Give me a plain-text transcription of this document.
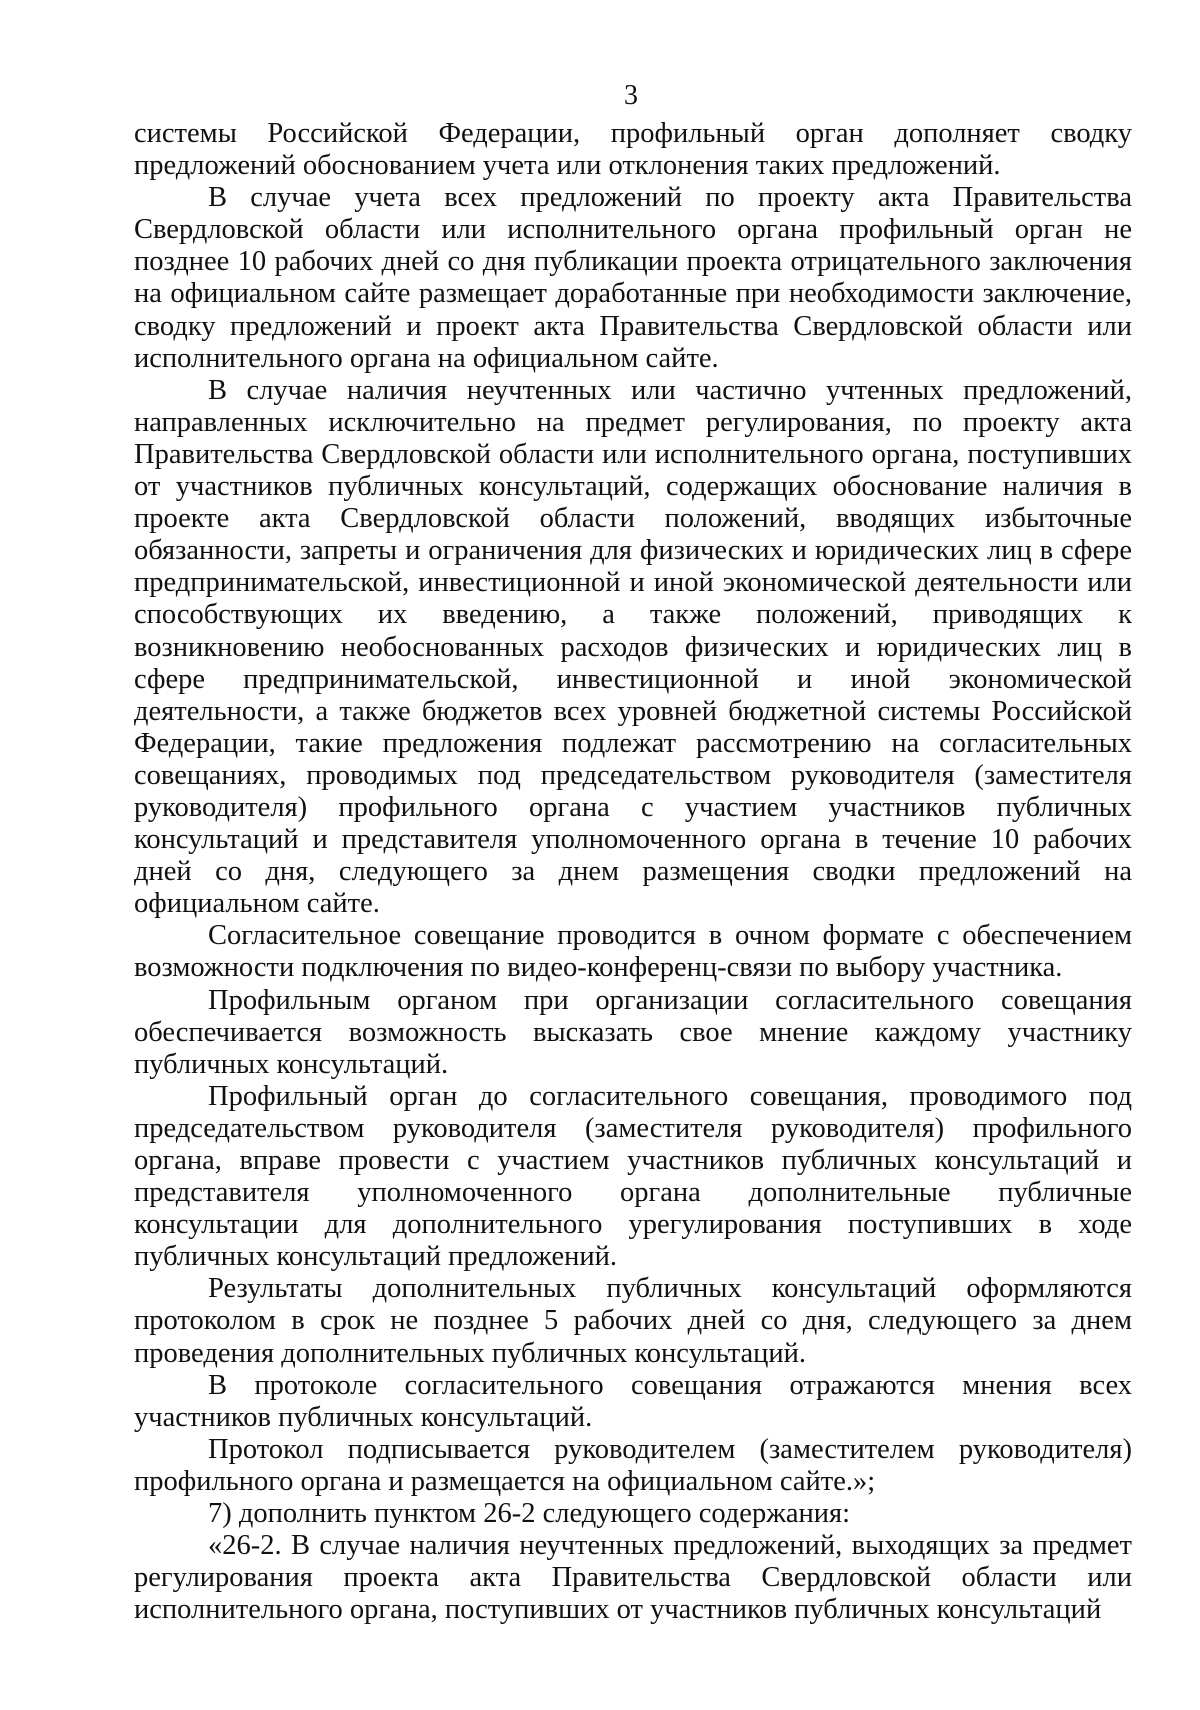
3

системы Российской Федерации, профильный орган дополняет сводку предложений обоснованием учета или отклонения таких предложений.

В случае учета всех предложений по проекту акта Правительства Свердловской области или исполнительного органа профильный орган не позднее 10 рабочих дней со дня публикации проекта отрицательного заключения на официальном сайте размещает доработанные при необходимости заключение, сводку предложений и проект акта Правительства Свердловской области или исполнительного органа на официальном сайте.

В случае наличия неучтенных или частично учтенных предложений, направленных исключительно на предмет регулирования, по проекту акта Правительства Свердловской области или исполнительного органа, поступивших от участников публичных консультаций, содержащих обоснование наличия в проекте акта Свердловской области положений, вводящих избыточные обязанности, запреты и ограничения для физических и юридических лиц в сфере предпринимательской, инвестиционной и иной экономической деятельности или способствующих их введению, а также положений, приводящих к возникновению необоснованных расходов физических и юридических лиц в сфере предпринимательской, инвестиционной и иной экономической деятельности, а также бюджетов всех уровней бюджетной системы Российской Федерации, такие предложения подлежат рассмотрению на согласительных совещаниях, проводимых под председательством руководителя (заместителя руководителя) профильного органа с участием участников публичных консультаций и представителя уполномоченного органа в течение 10 рабочих дней со дня, следующего за днем размещения сводки предложений на официальном сайте.

Согласительное совещание проводится в очном формате с обеспечением возможности подключения по видео-конференц-связи по выбору участника.

Профильным органом при организации согласительного совещания обеспечивается возможность высказать свое мнение каждому участнику публичных консультаций.

Профильный орган до согласительного совещания, проводимого под председательством руководителя (заместителя руководителя) профильного органа, вправе провести с участием участников публичных консультаций и представителя уполномоченного органа дополнительные публичные консультации для дополнительного урегулирования поступивших в ходе публичных консультаций предложений.

Результаты дополнительных публичных консультаций оформляются протоколом в срок не позднее 5 рабочих дней со дня, следующего за днем проведения дополнительных публичных консультаций.

В протоколе согласительного совещания отражаются мнения всех участников публичных консультаций.

Протокол подписывается руководителем (заместителем руководителя) профильного органа и размещается на официальном сайте.»;

7) дополнить пунктом 26-2 следующего содержания:

«26-2. В случае наличия неучтенных предложений, выходящих за предмет регулирования проекта акта Правительства Свердловской области или исполнительного органа, поступивших от участников публичных консультаций
